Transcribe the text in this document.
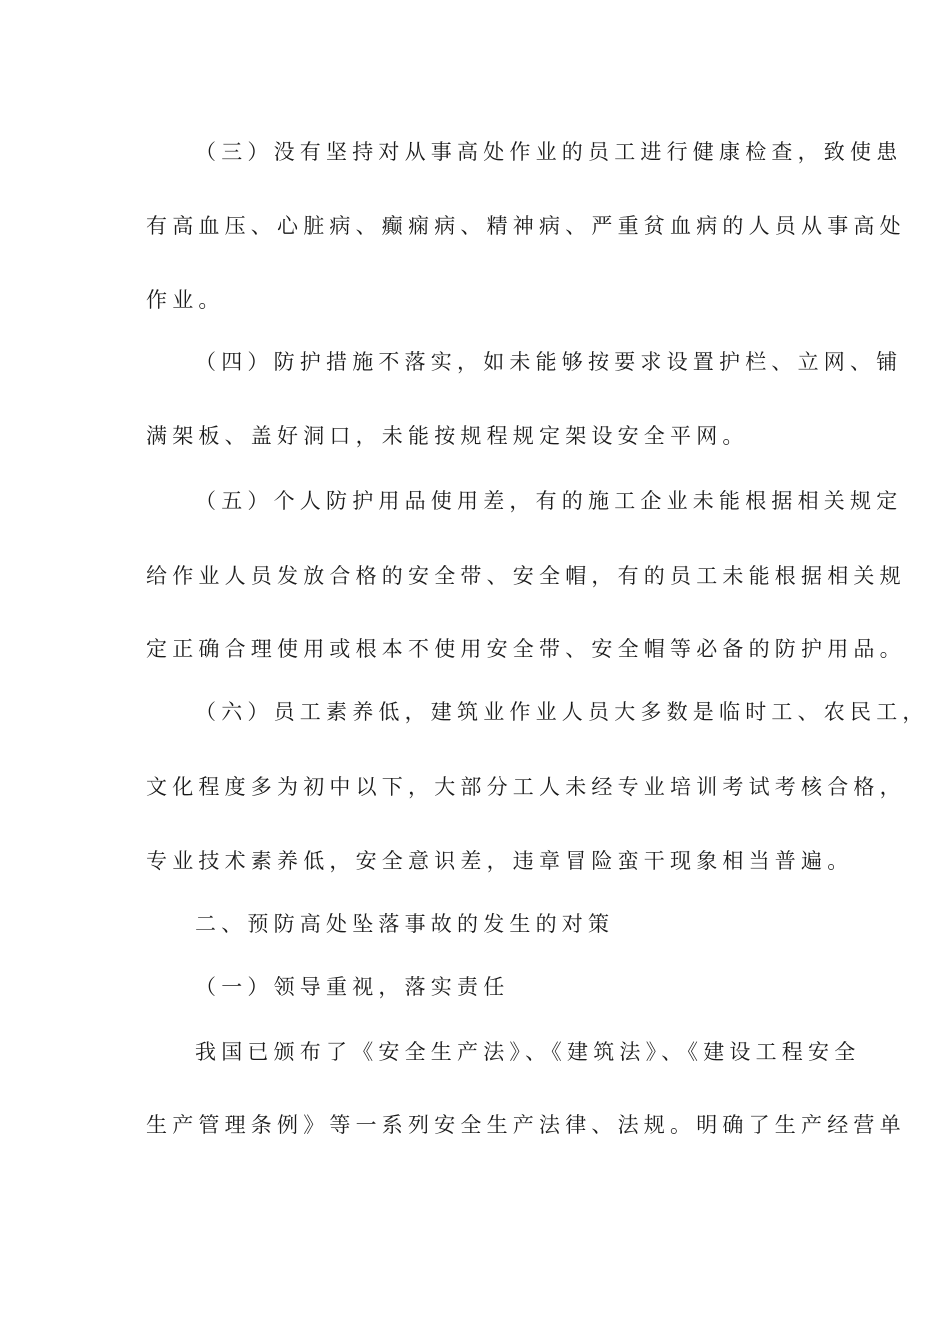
（三）没有坚持对从事高处作业的员工进行健康检查，致使患
有高血压、心脏病、癫痫病、精神病、严重贫血病的人员从事高处
作业。
（四）防护措施不落实，如未能够按要求设置护栏、立网、铺
满架板、盖好洞口，未能按规程规定架设安全平网。
（五）个人防护用品使用差，有的施工企业未能根据相关规定
给作业人员发放合格的安全带、安全帽，有的员工未能根据相关规
定正确合理使用或根本不使用安全带、安全帽等必备的防护用品。
（六）员工素养低，建筑业作业人员大多数是临时工、农民工，
文化程度多为初中以下，大部分工人未经专业培训考试考核合格，
专业技术素养低，安全意识差，违章冒险蛮干现象相当普遍。
二、预防高处坠落事故的发生的对策
（一）领导重视，落实责任
我国已颁布了《安全生产法》、《建筑法》、《建设工程安全
生产管理条例》等一系列安全生产法律、法规。明确了生产经营单
